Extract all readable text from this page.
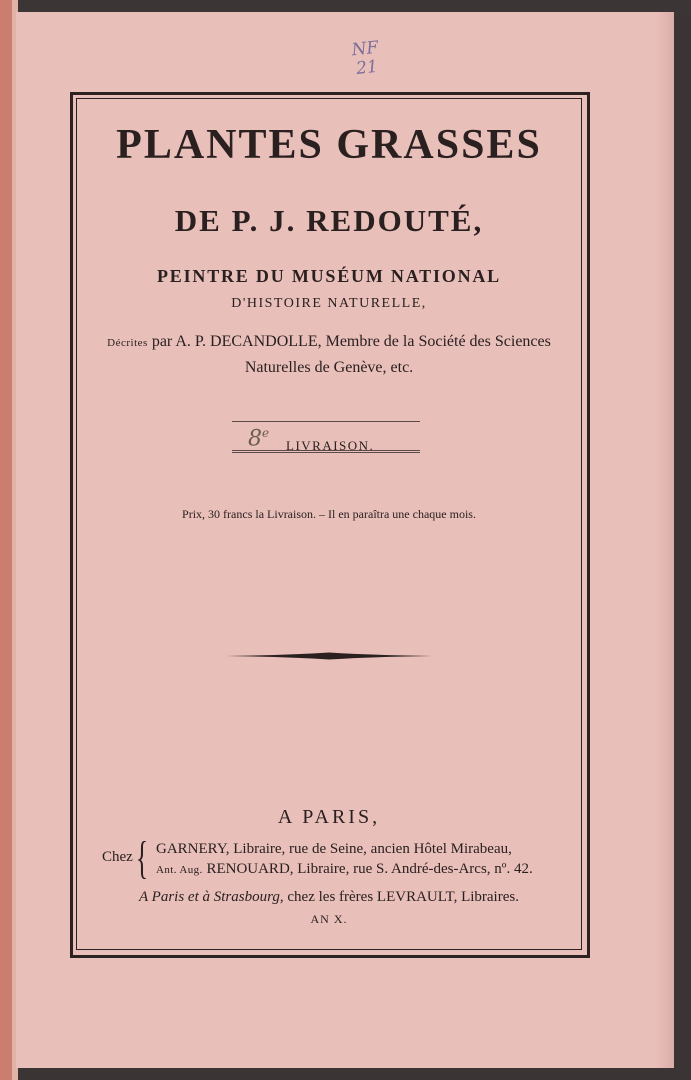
NF
21
PLANTES GRASSES
DE P. J. REDOUTÉ,
PEINTRE DU MUSÉUM NATIONAL
D'HISTOIRE NATURELLE,
Décrites par A. P. DECANDOLLE, Membre de la Société des Sciences
Naturelles de Genève, etc.
8e
LIVRAISON.
Prix, 30 francs la Livraison. – Il en paraîtra une chaque mois.
A PARIS,
Chez { GARNERY, Libraire, rue de Seine, ancien Hôtel Mirabeau,
Ant. Aug. RENOUARD, Libraire, rue S. André-des-Arcs, nº. 42.
A Paris et à Strasbourg, chez les frères LEVRAULT, Libraires.
AN X.
